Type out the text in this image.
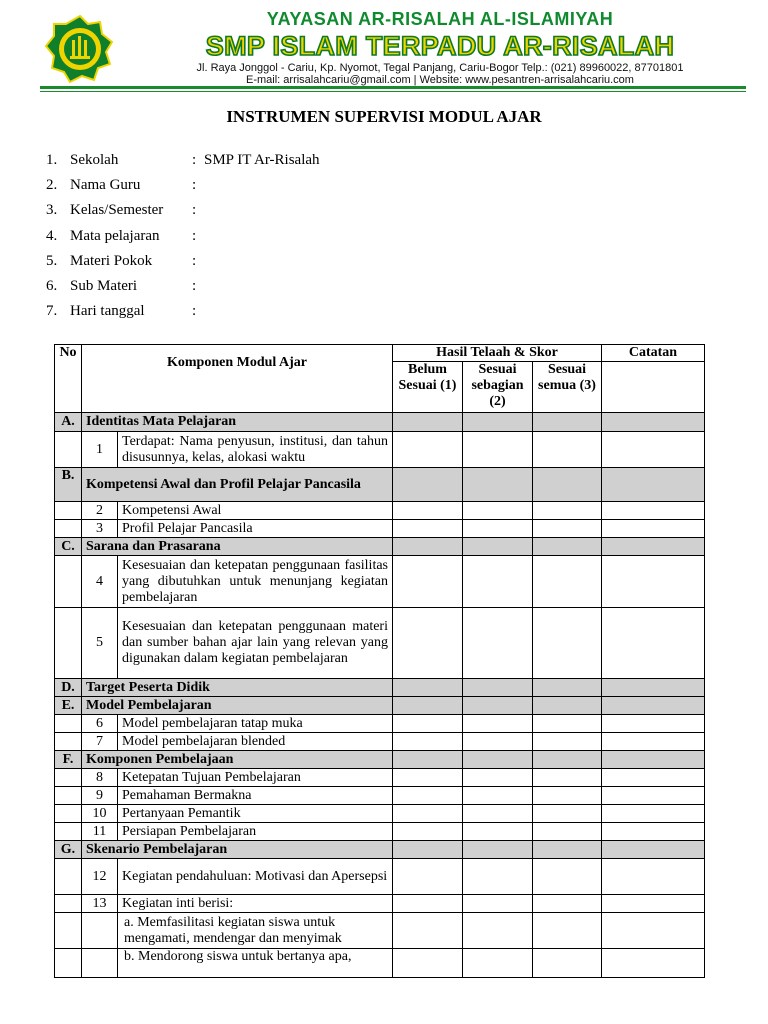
YAYASAN AR-RISALAH AL-ISLAMIYAH
SMP ISLAM TERPADU AR-RISALAH
Jl. Raya Jonggol - Cariu, Kp. Nyomot, Tegal Panjang, Cariu-Bogor Telp.: (021) 89960022, 87701801
E-mail: arrisalahcariu@gmail.com | Website: www.pesantren-arrisalahcariu.com
INSTRUMEN SUPERVISI MODUL AJAR
1. Sekolah	: SMP IT Ar-Risalah
2. Nama Guru	:
3. Kelas/Semester	:
4. Mata pelajaran	:
5. Materi Pokok	:
6. Sub Materi	:
7. Hari tanggal	:
No	Komponen Modul Ajar		Hasil Telaah & Skor			Catatan
			Belum Sesuai (1)	Sesuai sebagian (2)	Sesuai semua (3)	
A.	Identitas Mata Pelajaran					
	1	Terdapat: Nama penyusun, institusi, dan tahun disusunnya, kelas, alokasi waktu				
B.	Kompetensi Awal dan Profil Pelajar Pancasila					
	2	Kompetensi Awal				
	3	Profil Pelajar Pancasila				
C.	Sarana dan Prasarana					
	4	Kesesuaian dan ketepatan penggunaan fasilitas yang dibutuhkan untuk menunjang kegiatan pembelajaran				
	5	Kesesuaian dan ketepatan penggunaan materi dan sumber bahan ajar lain yang relevan yang digunakan dalam kegiatan pembelajaran				
D.	Target Peserta Didik					
E.	Model Pembelajaran					
	6	Model pembelajaran tatap muka				
	7	Model pembelajaran blended				
F.	Komponen Pembelajaan					
	8	Ketepatan Tujuan Pembelajaran				
	9	Pemahaman Bermakna				
	10	Pertanyaan Pemantik				
	11	Persiapan Pembelajaran				
G.	Skenario Pembelajaran					
	12	Kegiatan pendahuluan: Motivasi dan Apersepsi				
	13	Kegiatan inti berisi:				
		a. Memfasilitasi kegiatan siswa untuk mengamati, mendengar dan menyimak				
		b. Mendorong siswa untuk bertanya apa,				
